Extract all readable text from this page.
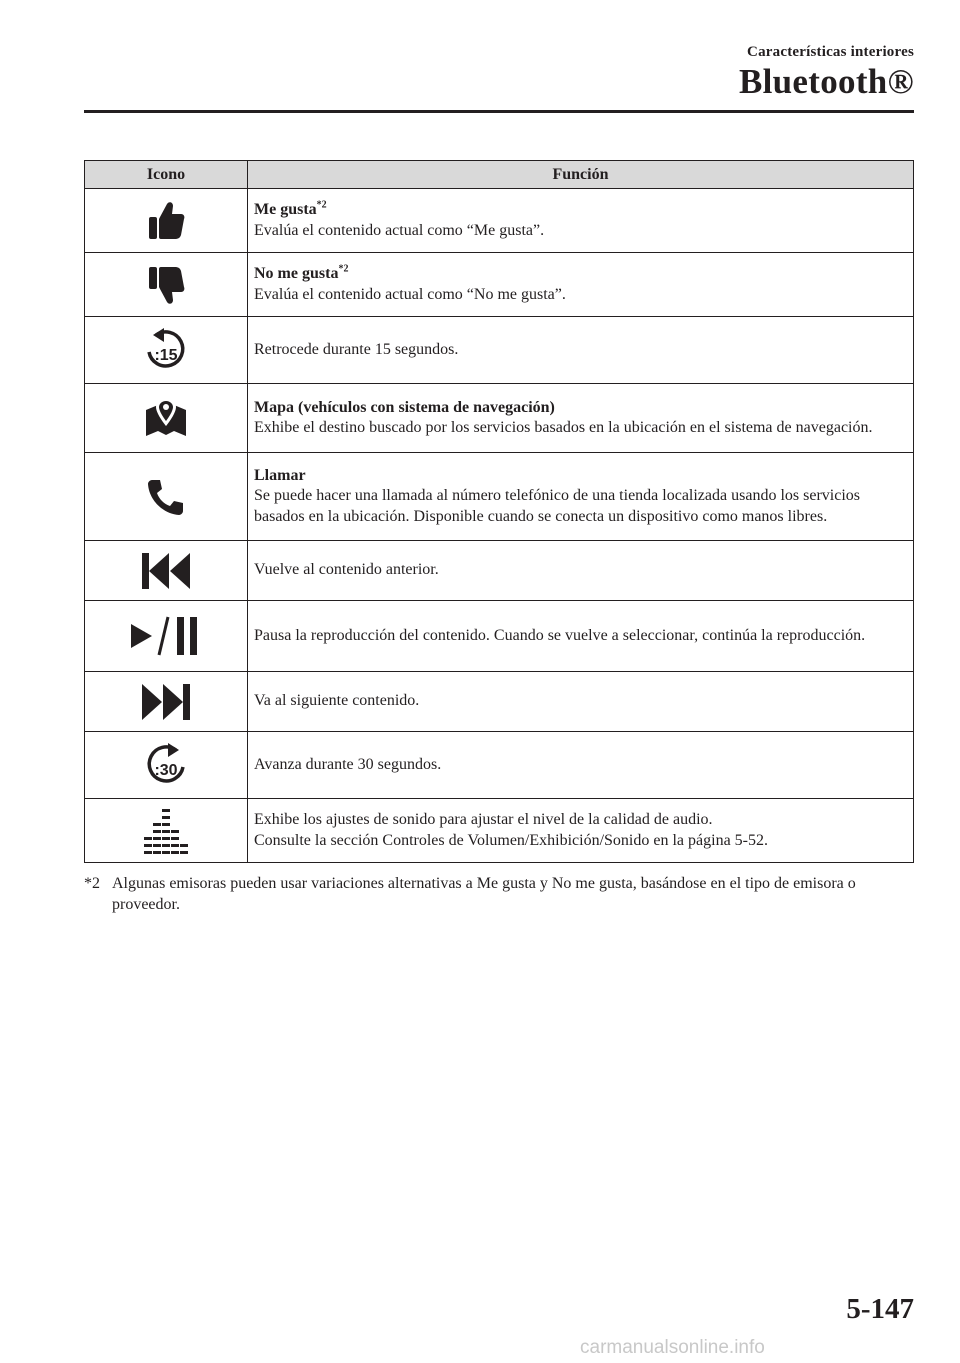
Características interiores
Bluetooth®
Icono	Función

Me gusta$^{*2}$
Evalúa el contenido actual como “Me gusta”.

No me gusta$^{*2}$
Evalúa el contenido actual como “No me gusta”.

:15	Retrocede durante 15 segundos.

Mapa (vehículos con sistema de navegación)
Exhibe el destino buscado por los servicios basados en la ubicación en el sistema de navegación.

Llamar
Se puede hacer una llamada al número telefónico de una tienda localizada usando los servicios basados en la ubicación. Disponible cuando se conecta un dispositivo como manos libres.

Vuelve al contenido anterior.

Pausa la reproducción del contenido. Cuando se vuelve a seleccionar, continúa la reproducción.

Va al siguiente contenido.

:30	Avanza durante 30 segundos.

Exhibe los ajustes de sonido para ajustar el nivel de la calidad de audio.
Consulte la sección Controles de Volumen/Exhibición/Sonido en la página 5-52.
*2 Algunas emisoras pueden usar variaciones alternativas a Me gusta y No me gusta, basándose en el tipo de emisora o proveedor.
5-147
carmanualsonline.info
